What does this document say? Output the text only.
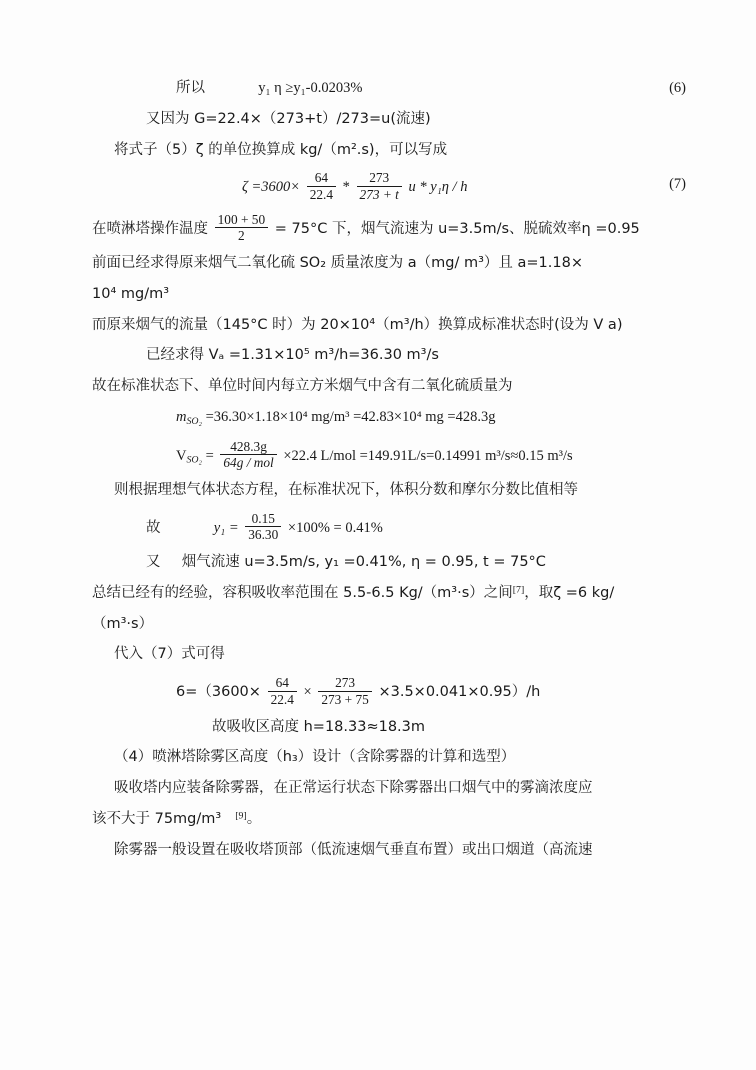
所以	y₁ η ≥y₁-0.0203%	(6)
又因为 G=22.4×（273+t）/273=u(流速)
将式子（5）ζ 的单位换算成 kg/（m².s)，可以写成
$\zeta =3600\times \frac{64}{22.4} * \frac{273}{273 + t}$ u * y₁η / h	(7)
在喷淋塔操作温度 $\frac{100 + 50}{2} = 75^\circ C$ 下，烟气流速为 u=3.5m/s、脱硫效率η =0.95
前面已经求得原来烟气二氧化硫 SO₂ 质量浓度为 a（mg/ m³）且 a=1.18×
10⁴ mg/m³
而原来烟气的流量（145°C 时）为 20×10⁴（m³/h）换算成标准状态时(设为 V a)
已经求得 Vₐ =1.31×10⁵ m³/h=36.30 m³/s
故在标准状态下、单位时间内每立方米烟气中含有二氧化硫质量为
$m_{SO_2} =36.30\times 1.18\times 10^4$ mg/m³ =42.83×10⁴ mg =428.3g
$V_{SO_2} = \frac{428.3g}{\text{64g / mol}} \times 22.4$ L/mol =149.91L/s=0.14991 m³/s≈0.15 m³/s
则根据理想气体状态方程，在标准状况下，体积分数和摩尔分数比值相等
故	$y_1 = \frac{0.15}{36.30} \times 100\% = 0.41\%$
又 烟气流速 u=3.5m/s, y₁ =0.41%, η = 0.95, t = 75°C
总结已经有的经验，容积吸收率范围在 5.5-6.5 Kg/（m³·s）之间[7]，取ζ =6 kg/
（m³·s）
代入（7）式可得
$6=(3600\times \frac{64}{22.4} \times \frac{273}{273 + 75} \times 3.5\times 0.041\times 0.95)/h$
故吸收区高度 h=18.33≈18.3m
（4）喷淋塔除雾区高度（h₃）设计（含除雾器的计算和选型）
吸收塔内应装备除雾器，在正常运行状态下除雾器出口烟气中的雾滴浓度应
该不大于 75mg/m³ [9]。
除雾器一般设置在吸收塔顶部（低流速烟气垂直布置）或出口烟道（高流速
